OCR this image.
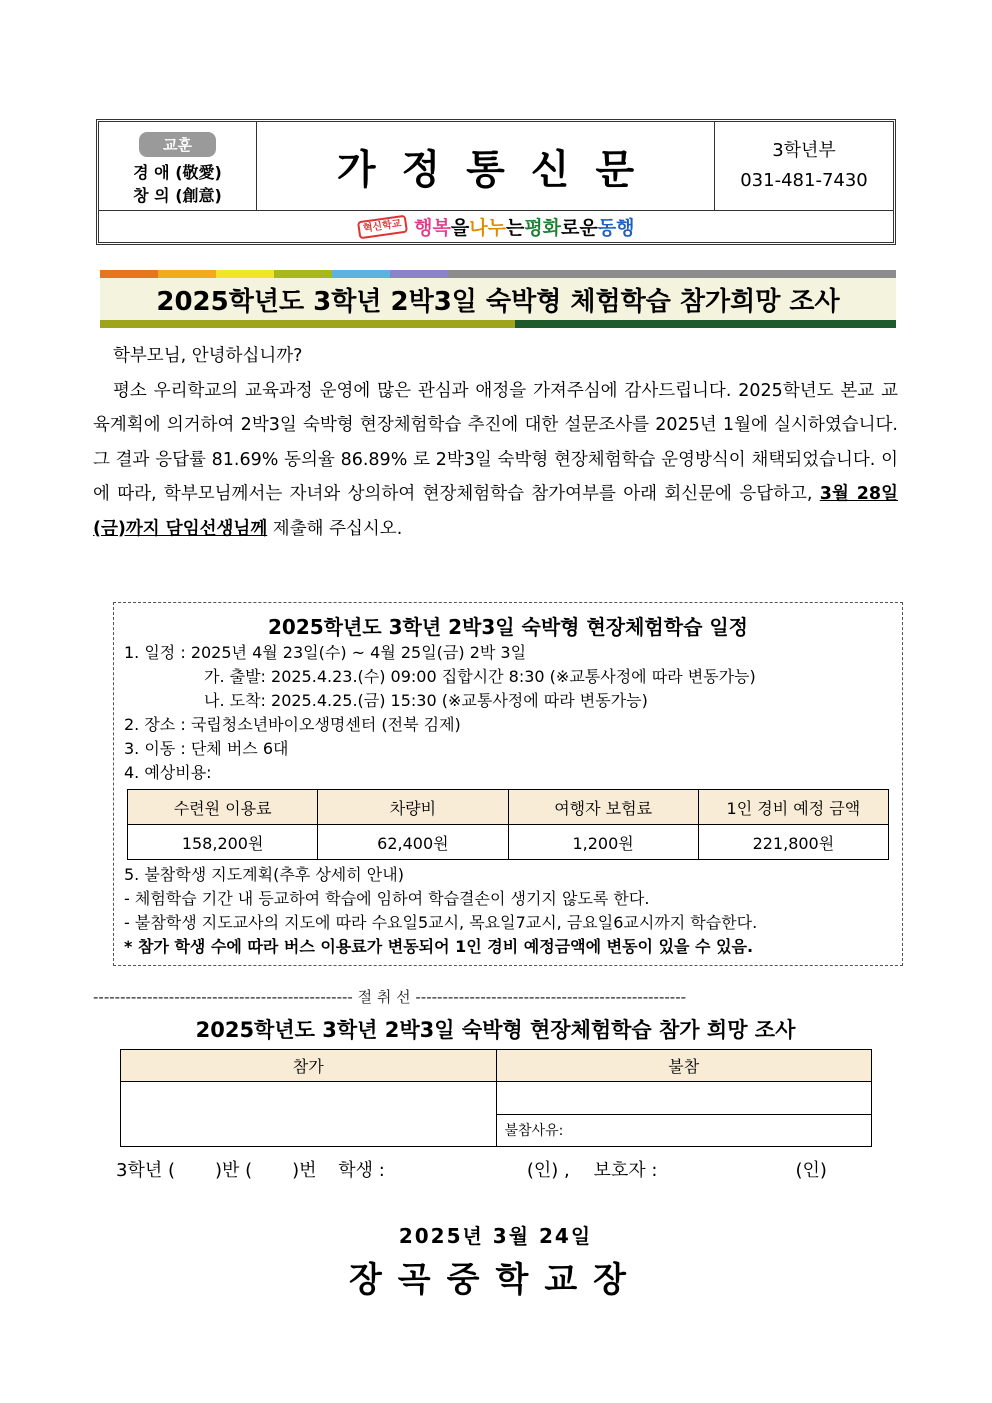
교훈
경 애 (敬愛)
창 의 (創意)
가정통신문	3학년부
031-481-7430
혁신학교 행복 을 나누 는 평화 로운 동행
2025학년도 3학년 2박3일 숙박형 체험학습 참가희망 조사
학부모님, 안녕하십니까?
평소 우리학교의 교육과정 운영에 많은 관심과 애정을 가져주심에 감사드립니다. 2025학년도 본교 교육계획에 의거하여 2박3일 숙박형 현장체험학습 추진에 대한 설문조사를 2025년 1월에 실시하였습니다. 그 결과 응답률 81.69% 동의율 86.89% 로 2박3일 숙박형 현장체험학습 운영방식이 채택되었습니다. 이에 따라, 학부모님께서는 자녀와 상의하여 현장체험학습 참가여부를 아래 회신문에 응답하고, 3월 28일(금)까지 담임선생님께 제출해 주십시오.
2025학년도 3학년 2박3일 숙박형 현장체험학습 일정
1. 일정 : 2025년 4월 23일(수) ~ 4월 25일(금) 2박 3일
가. 출발: 2025.4.23.(수) 09:00 집합시간 8:30 (※교통사정에 따라 변동가능)
나. 도착: 2025.4.25.(금) 15:30 (※교통사정에 따라 변동가능)
2. 장소 : 국립청소년바이오생명센터 (전북 김제)
3. 이동 : 단체 버스 6대
4. 예상비용:
수련원 이용료	차량비	여행자 보험료	1인 경비 예정 금액
158,200원	62,400원	1,200원	221,800원
5. 불참학생 지도계획(추후 상세히 안내)
- 체험학습 기간 내 등교하여 학습에 임하여 학습결손이 생기지 않도록 한다.
- 불참학생 지도교사의 지도에 따라 수요일5교시, 목요일7교시, 금요일6교시까지 학습한다.
* 참가 학생 수에 따라 버스 이용료가 변동되어 1인 경비 예정금액에 변동이 있을 수 있음.
------------------------------------------------ 절 취 선 --------------------------------------------------
2025학년도 3학년 2박3일 숙박형 현장체험학습 참가 희망 조사
참가	불참

	불참사유:
3학년 ( )반 ( )번 학생 :	(인) , 보호자 :	(인)
2025년 3월 24일
장곡중학교장
